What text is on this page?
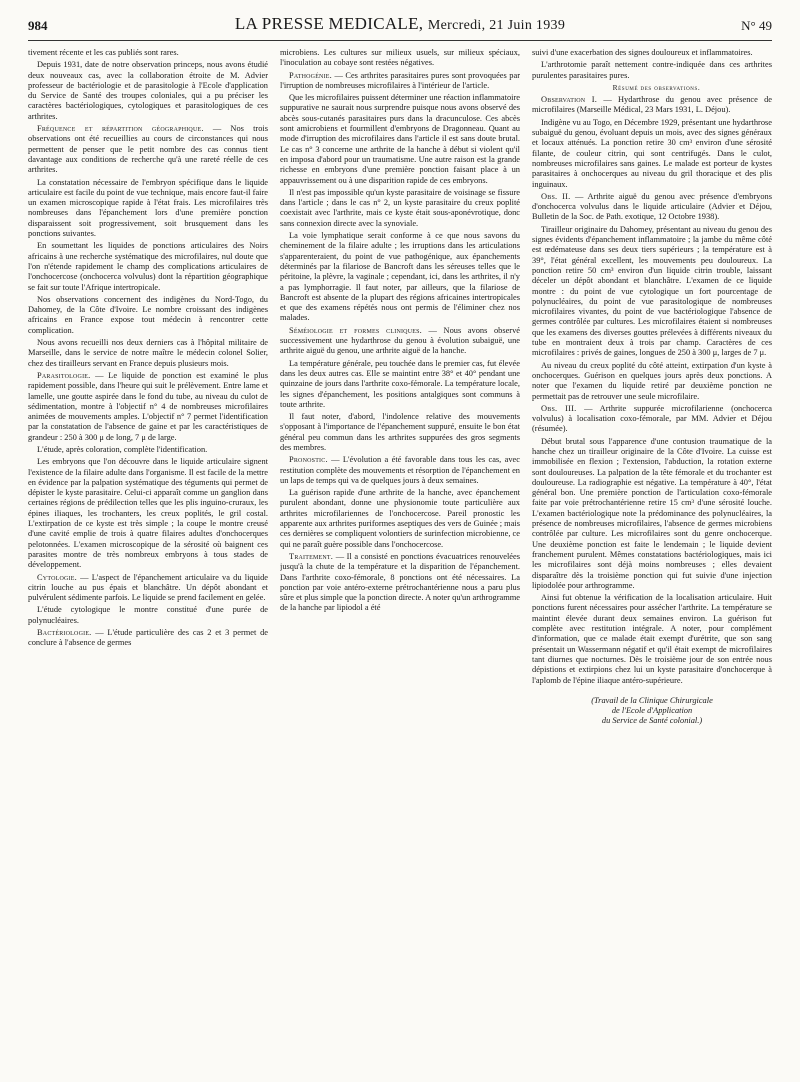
984	LA PRESSE MEDICALE, Mercredi, 21 Juin 1939	N° 49

tivement récente et les cas publiés sont rares.

Depuis 1931, date de notre observation princeps, nous avons étudié deux nouveaux cas, avec la collaboration étroite de M. Advier professeur de bactériologie et de parasitologie à l'Ecole d'application du Service de Santé des troupes coloniales, qui a pu préciser les caractères bactériologiques, cytologiques et parasitologiques de ces arthrites.

Fréquence et répartition géographique. — Nos trois observations ont été recueillies au cours de circonstances qui nous permettent de penser que le petit nombre des cas connus tient davantage aux conditions de recherche qu'à une rareté réelle de ces arthrites.

La constatation nécessaire de l'embryon spécifique dans le liquide articulaire est facile du point de vue technique, mais encore faut-il faire un examen microscopique rapide à l'état frais. Les microfilaires très nombreuses dans l'épanchement lors d'une première ponction disparaissent soit progressivement, soit brusquement dans les ponctions suivantes.

En soumettant les liquides de ponctions articulaires des Noirs africains à une recherche systématique des microfilaires, nul doute que l'on n'étende rapidement le champ des complications articulaires de l'onchocercose (onchocerca volvulus) dont la répartition géographique se fait sur toute l'Afrique intertropicale.

Nos observations concernent des indigènes du Nord-Togo, du Dahomey, de la Côte d'Ivoire. Le nombre croissant des indigènes africains en France expose tout médecin à rencontrer cette complication.

Nous avons recueilli nos deux derniers cas à l'hôpital militaire de Marseille, dans le service de notre maître le médecin colonel Solier, chez des tirailleurs servant en France depuis plusieurs mois.

Parasitologie. — Le liquide de ponction est examiné le plus rapidement possible, dans l'heure qui suit le prélèvement. Entre lame et lamelle, une goutte aspirée dans le fond du tube, au niveau du culot de sédimentation, montre à l'objectif n° 4 de nombreuses microfilaires animées de mouvements amples. L'objectif n° 7 permet l'identification par la constatation de l'absence de gaine et par les caractéristiques de grandeur : 250 à 300 μ de long, 7 μ de large.

L'étude, après coloration, complète l'identification.

Les embryons que l'on découvre dans le liquide articulaire signent l'existence de la filaire adulte dans l'organisme. Il est facile de la mettre en évidence par la palpation systématique des téguments qui permet de dépister le kyste parasitaire. Celui-ci apparaît comme un ganglion dans certaines régions de prédilection telles que les plis inguino-cruraux, les épines iliaques, les trochanters, les creux poplités, le gril costal. L'extirpation de ce kyste est très simple ; la coupe le montre creusé d'une cavité emplie de trois à quatre filaires adultes d'onchocerques pelotonnées. L'examen microscopique de la sérosité où baignent ces parasites montre de très nombreux embryons à tous stades de développement.

Cytologie. — L'aspect de l'épanchement articulaire va du liquide citrin louche au pus épais et blanchâtre. Un dépôt abondant et pulvérulent sédimente parfois. Le liquide se prend facilement en gelée.

L'étude cytologique le montre constitué d'une purée de polynucléaires.

Bactériologie. — L'étude particulière des cas 2 et 3 permet de conclure à l'absence de germes

microbiens. Les cultures sur milieux usuels, sur milieux spéciaux, l'inoculation au cobaye sont restées négatives.

Pathogénie. — Ces arthrites parasitaires pures sont provoquées par l'irruption de nombreuses microfilaires à l'intérieur de l'article.

Que les microfilaires puissent déterminer une réaction inflammatoire suppurative ne saurait nous surprendre puisque nous avons observé des abcès sous-cutanés parasitaires purs dans la dracunculose. Ces abcès sont amicrobiens et fourmillent d'embryons de Dragonneau. Quant au mode d'irruption des microfilaires dans l'article il est sans doute brutal. Le cas n° 3 concerne une arthrite de la hanche à début si violent qu'il en imposa d'abord pour un traumatisme. Une autre raison est la grande richesse en embryons d'une première ponction faisant place à un appauvrissement ou à une disparition rapide de ces embryons.

Il n'est pas impossible qu'un kyste parasitaire de voisinage se fissure dans l'article ; dans le cas n° 2, un kyste parasitaire du creux poplité coexistait avec l'arthrite, mais ce kyste était sous-aponévrotique, donc sans connexion directe avec la synoviale.

La voie lymphatique serait conforme à ce que nous savons du cheminement de la filaire adulte ; les irruptions dans les articulations s'apparenteraient, du point de vue pathogénique, aux épanchements déterminés par la filariose de Bancroft dans les séreuses telles que le péritoine, la plèvre, la vaginale ; cependant, ici, dans les arthrites, il n'y a pas lymphorragie. Il faut noter, par ailleurs, que la filariose de Bancroft est absente de la plupart des régions africaines intertropicales et que des examens répétés nous ont permis de l'éliminer chez nos malades.

Séméiologie et formes cliniques. — Nous avons observé successivement une hydarthrose du genou à évolution subaiguë, une arthrite aiguë du genou, une arthrite aiguë de la hanche.

La température générale, peu touchée dans le premier cas, fut élevée dans les deux autres cas. Elle se maintint entre 38° et 40° pendant une quinzaine de jours dans l'arthrite coxo-fémorale. La température locale, les signes d'épanchement, les positions antalgiques sont communs à toute arthrite.

Il faut noter, d'abord, l'indolence relative des mouvements s'opposant à l'importance de l'épanchement suppuré, ensuite le bon état général peu commun dans les arthrites suppurées des gros segments des membres.

Pronostic. — L'évolution a été favorable dans tous les cas, avec restitution complète des mouvements et résorption de l'épanchement en un laps de temps qui va de quelques jours à deux semaines.

La guérison rapide d'une arthrite de la hanche, avec épanchement purulent abondant, donne une physionomie toute particulière aux arthrites microfilariennes de l'onchocercose. Pareil pronostic les apparente aux arthrites puriformes aseptiques des vers de Guinée ; mais ces dernières se compliquent volontiers de surinfection microbienne, ce qui ne paraît guère possible dans l'onchocercose.

Traitement. — Il a consisté en ponctions évacuatrices renouvelées jusqu'à la chute de la température et la disparition de l'épanchement. Dans l'arthrite coxo-fémorale, 8 ponctions ont été nécessaires. La ponction par voie antéro-externe prétrochantérienne nous a paru plus sûre et plus simple que la ponction directe. A noter qu'un arthrogramme de la hanche par lipiodol a été

suivi d'une exacerbation des signes douloureux et inflammatoires.

L'arthrotomie paraît nettement contre-indiquée dans ces arthrites purulentes parasitaires pures.

Résumé des observations.

Observation I. — Hydarthrose du genou avec présence de microfilaires (Marseille Médical, 23 Mars 1931, L. Déjou).

Indigène vu au Togo, en Décembre 1929, présentant une hydarthrose subaiguë du genou, évoluant depuis un mois, avec des signes généraux et locaux atténués. La ponction retire 30 cm³ environ d'une sérosité filante, de couleur citrin, qui sont centrifugés. Dans le culot, nombreuses microfilaires sans gaines. Le malade est porteur de kystes parasitaires à onchocerques au niveau du gril thoracique et des plis inguinaux.

Obs. II. — Arthrite aiguë du genou avec présence d'embryons d'onchocerca volvulus dans le liquide articulaire (Advier et Déjou, Bulletin de la Soc. de Path. exotique, 12 Octobre 1938).

Tirailleur originaire du Dahomey, présentant au niveau du genou des signes évidents d'épanchement inflammatoire ; la jambe du même côté est œdémateuse dans ses deux tiers supérieurs ; la température est à 39°, l'état général excellent, les mouvements peu douloureux. La ponction retire 50 cm³ environ d'un liquide citrin trouble, laissant déceler un dépôt abondant et blanchâtre. L'examen de ce liquide montre : du point de vue cytologique un fort pourcentage de polynucléaires, du point de vue parasitologique de nombreuses microfilaires vivantes, du point de vue bactériologique l'absence de germes contrôlée par cultures. Les microfilaires étaient si nombreuses que les examens des diverses gouttes prélevées à différents niveaux du tube en montraient deux à trois par champ. Caractères de ces microfilaires : privés de gaines, longues de 250 à 300 μ, larges de 7 μ.

Au niveau du creux poplité du côté atteint, extirpation d'un kyste à onchocerques. Guérison en quelques jours après deux ponctions. A noter que l'examen du liquide retiré par deuxième ponction ne permettait pas de retrouver une seule microfilaire.

Obs. III. — Arthrite suppurée microfilarienne (onchocerca volvulus) à localisation coxo-fémorale, par MM. Advier et Déjou (résumée).

Début brutal sous l'apparence d'une contusion traumatique de la hanche chez un tirailleur originaire de la Côte d'Ivoire. La cuisse est immobilisée en flexion ; l'extension, l'abduction, la rotation externe sont douloureuses. La palpation de la tête fémorale et du trochanter est douloureuse. La radiographie est négative. La température à 40°, l'état général bon. Une première ponction de l'articulation coxo-fémorale faite par voie prétrochantérienne retire 15 cm³ d'une sérosité louche. L'examen bactériologique note la prédominance des polynucléaires, la présence de nombreuses microfilaires, l'absence de germes microbiens contrôlée par culture. Les microfilaires sont du genre onchocerque. Une deuxième ponction est faite le lendemain ; le liquide devient franchement purulent. Mêmes constatations bactériologiques, mais ici les microfilaires sont déjà moins nombreuses ; elles devaient disparaître dès la troisième ponction qui fut suivie d'une injection lipiodolée pour arthrogramme.

Ainsi fut obtenue la vérification de la localisation articulaire. Huit ponctions furent nécessaires pour assécher l'arthrite. La température se maintint élevée durant deux semaines environ. La guérison fut complète avec restitution intégrale. A noter, pour complément d'information, que ce malade était exempt d'urétrite, que son sang présentait un Wassermann négatif et qu'il était exempt de microfilaires tant diurnes que nocturnes. Dès le troisième jour de son entrée nous dépistions et extirpions chez lui un kyste parasitaire d'onchocerque à l'aplomb de l'épine iliaque antéro-supérieure.

(Travail de la Clinique Chirurgicale
de l'Ecole d'Application
du Service de Santé colonial.)
